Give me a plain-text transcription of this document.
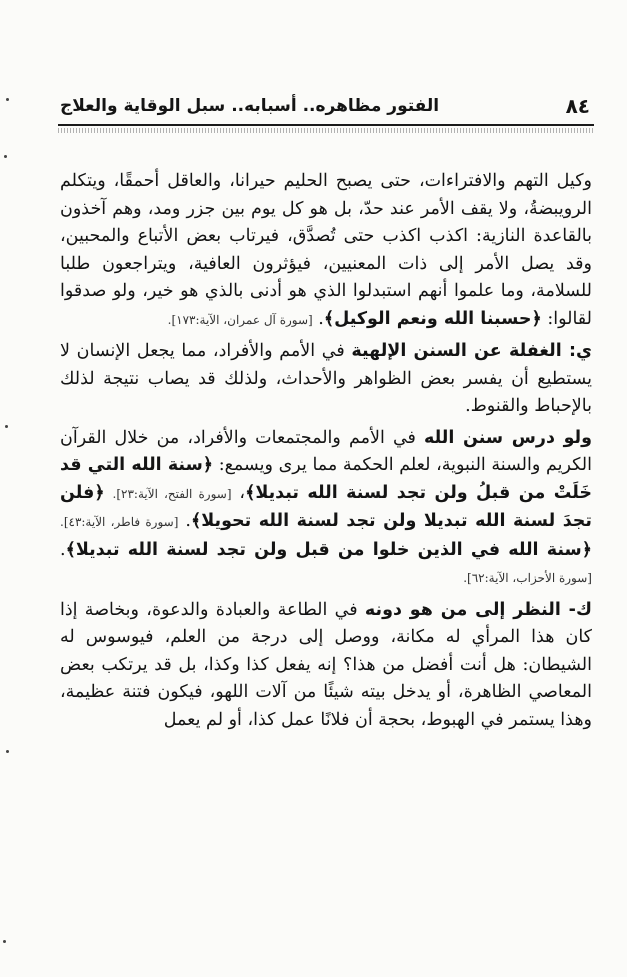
٨٤
الفتور مظاهره.. أسبابه.. سبل الوقاية والعلاج

وكيل التهم والافتراءات، حتى يصبح الحليم حيرانا، والعاقل أحمقًا، ويتكلم الرويبضةُ، ولا يقف الأمر عند حدّ، بل هو كل يوم بين جزر ومد، وهم آخذون بالقاعدة النازية: اكذب اكذب حتى تُصدَّق، فيرتاب بعض الأتباع والمحبين، وقد يصل الأمر إلى ذات المعنيين، فيؤثرون العافية، ويتراجعون طلبا للسلامة، وما علموا أنهم استبدلوا الذي هو أدنى بالذي هو خير، ولو صدقوا لقالوا: ﴿حسبنا الله ونعم الوكيل﴾. [سورة آل عمران، الآية:١٧٣].

ي: الغفلة عن السنن الإلهية في الأمم والأفراد، مما يجعل الإنسان لا يستطيع أن يفسر بعض الظواهر والأحداث، ولذلك قد يصاب نتيجة لذلك بالإحباط والقنوط.

ولو درس سنن الله في الأمم والمجتمعات والأفراد، من خلال القرآن الكريم والسنة النبوية، لعلم الحكمة مما يرى ويسمع: ﴿سنة الله التي قد خَلَتْ من قبلُ ولن تجد لسنة الله تبديلا﴾، [سورة الفتح، الآية:٢٣]. ﴿فلن تجدَ لسنة الله تبديلا ولن تجد لسنة الله تحويلا﴾. [سورة فاطر، الآية:٤٣]. ﴿سنة الله في الذين خلوا من قبل ولن تجد لسنة الله تبديلا﴾. [سورة الأحزاب، الآية:٦٢].

ك- النظر إلى من هو دونه في الطاعة والعبادة والدعوة، وبخاصة إذا كان هذا المرأي له مكانة، ووصل إلى درجة من العلم، فيوسوس له الشيطان: هل أنت أفضل من هذا؟ إنه يفعل كذا وكذا، بل قد يرتكب بعض المعاصي الظاهرة، أو يدخل بيته شيئًا من آلات اللهو، فيكون فتنة عظيمة، وهذا يستمر في الهبوط، بحجة أن فلانًا عمل كذا، أو لم يعمل
